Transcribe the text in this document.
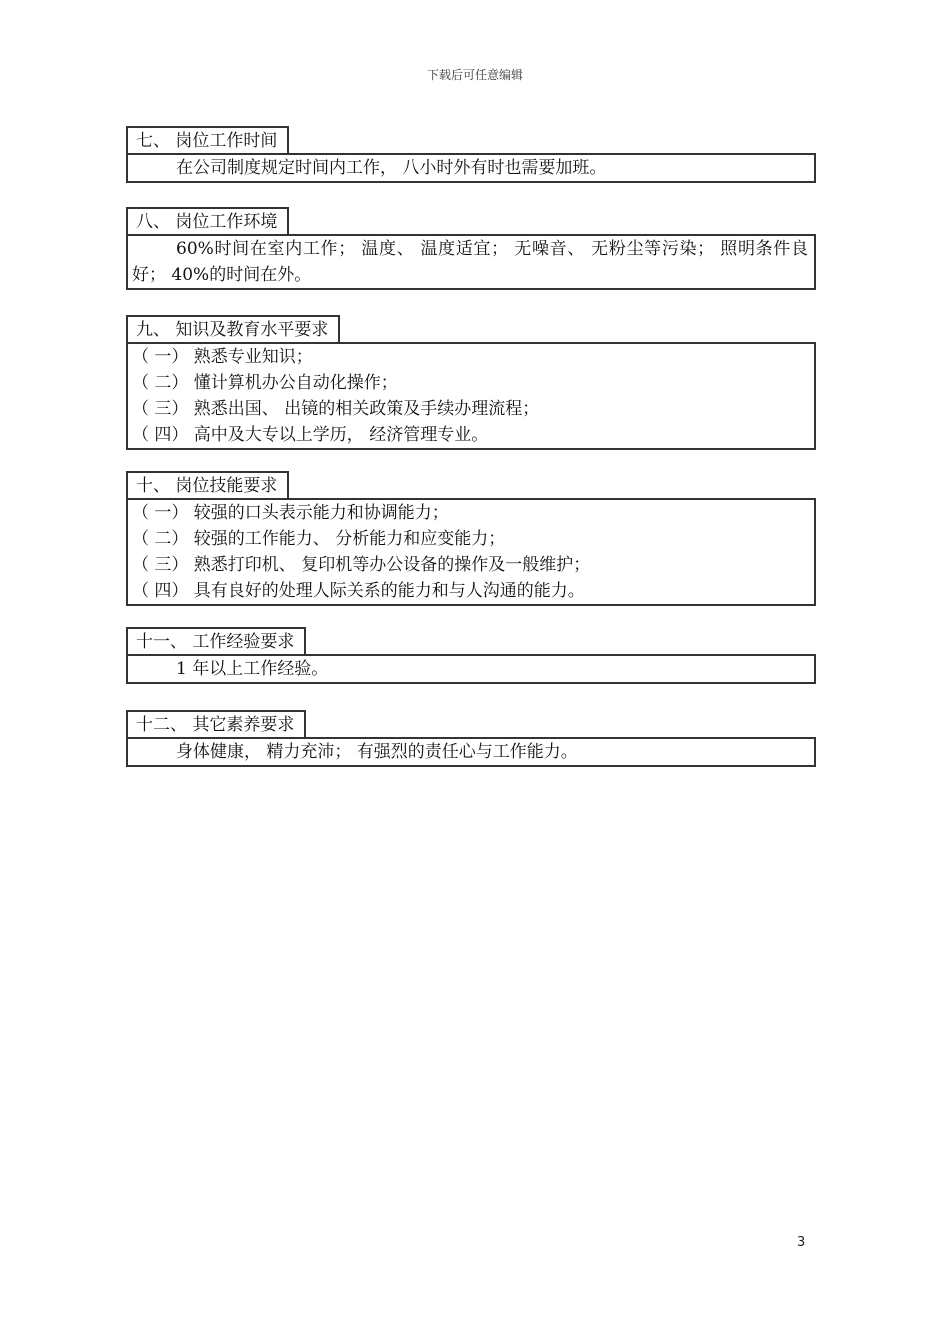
下载后可任意编辑
七、 岗位工作时间
在公司制度规定时间内工作， 八小时外有时也需要加班。
八、 岗位工作环境
60%时间在室内工作； 温度、 温度适宜； 无噪音、 无粉尘等污染； 照明条件良好； 40%的时间在外。
九、 知识及教育水平要求
（ 一） 熟悉专业知识；
（ 二） 懂计算机办公自动化操作；
（ 三） 熟悉出国、 出镜的相关政策及手续办理流程；
（ 四） 高中及大专以上学历， 经济管理专业。
十、 岗位技能要求
（ 一） 较强的口头表示能力和协调能力；
（ 二） 较强的工作能力、 分析能力和应变能力；
（ 三） 熟悉打印机、 复印机等办公设备的操作及一般维护；
（ 四） 具有良好的处理人际关系的能力和与人沟通的能力。
十一、 工作经验要求
1 年以上工作经验。
十二、 其它素养要求
身体健康， 精力充沛； 有强烈的责任心与工作能力。
3
